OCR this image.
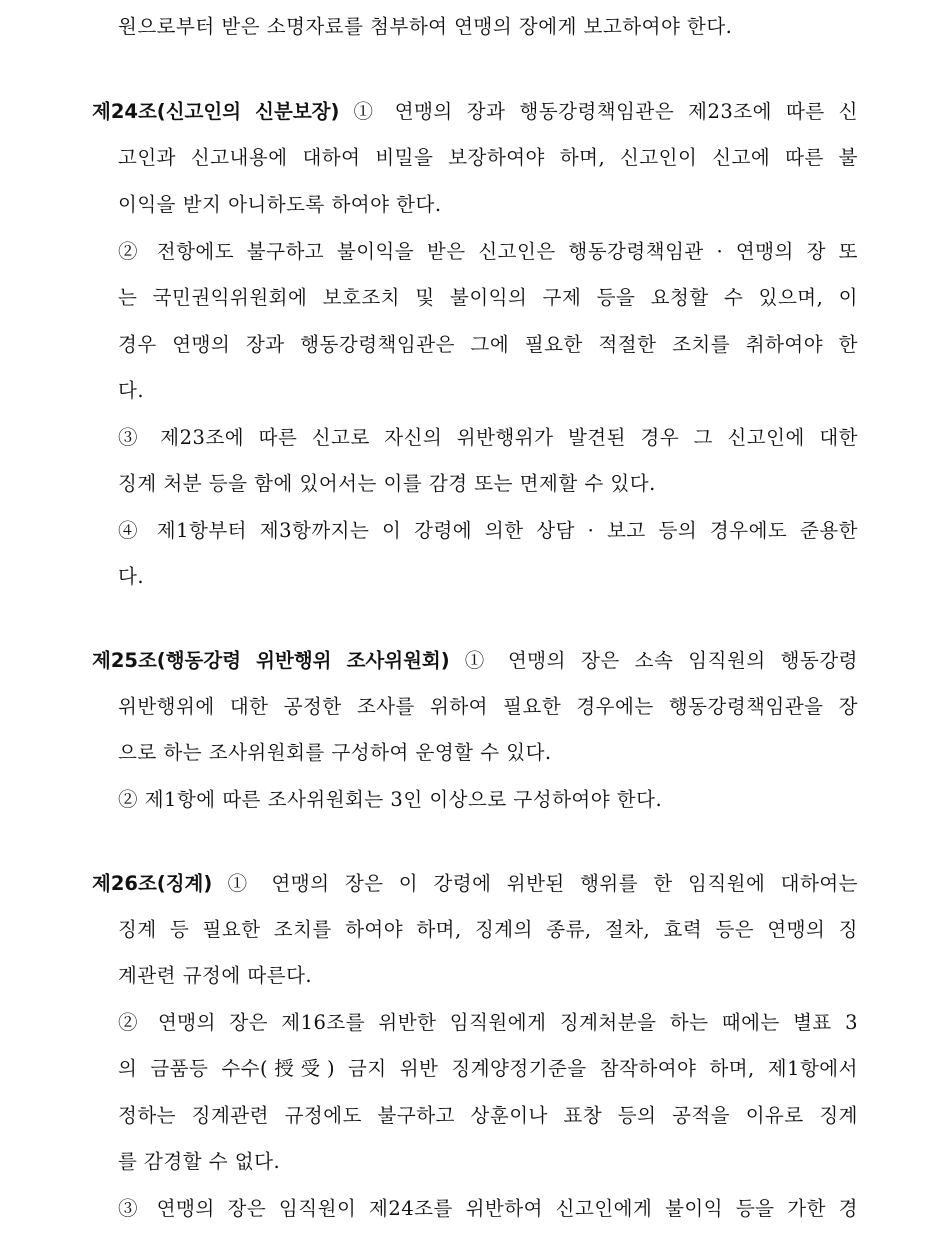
원으로부터 받은 소명자료를 첨부하여 연맹의 장에게 보고하여야 한다.
제24조(신고인의 신분보장) ① 연맹의 장과 행동강령책임관은 제23조에 따른 신
고인과 신고내용에 대하여 비밀을 보장하여야 하며, 신고인이 신고에 따른 불
이익을 받지 아니하도록 하여야 한다.
② 전항에도 불구하고 불이익을 받은 신고인은 행동강령책임관 · 연맹의 장 또
는 국민권익위원회에 보호조치 및 불이익의 구제 등을 요청할 수 있으며, 이
경우 연맹의 장과 행동강령책임관은 그에 필요한 적절한 조치를 취하여야 한
다.
③ 제23조에 따른 신고로 자신의 위반행위가 발견된 경우 그 신고인에 대한
징계 처분 등을 함에 있어서는 이를 감경 또는 면제할 수 있다.
④ 제1항부터 제3항까지는 이 강령에 의한 상담 · 보고 등의 경우에도 준용한
다.
제25조(행동강령 위반행위 조사위원회) ① 연맹의 장은 소속 임직원의 행동강령
위반행위에 대한 공정한 조사를 위하여 필요한 경우에는 행동강령책임관을 장
으로 하는 조사위원회를 구성하여 운영할 수 있다.
② 제1항에 따른 조사위원회는 3인 이상으로 구성하여야 한다.
제26조(징계) ① 연맹의 장은 이 강령에 위반된 행위를 한 임직원에 대하여는
징계 등 필요한 조치를 하여야 하며, 징계의 종류, 절차, 효력 등은 연맹의 징
계관련 규정에 따른다.
② 연맹의 장은 제16조를 위반한 임직원에게 징계처분을 하는 때에는 별표 3
의 금품등 수수(授受) 금지 위반 징계양정기준을 참작하여야 하며, 제1항에서
정하는 징계관련 규정에도 불구하고 상훈이나 표창 등의 공적을 이유로 징계
를 감경할 수 없다.
③ 연맹의 장은 임직원이 제24조를 위반하여 신고인에게 불이익 등을 가한 경
